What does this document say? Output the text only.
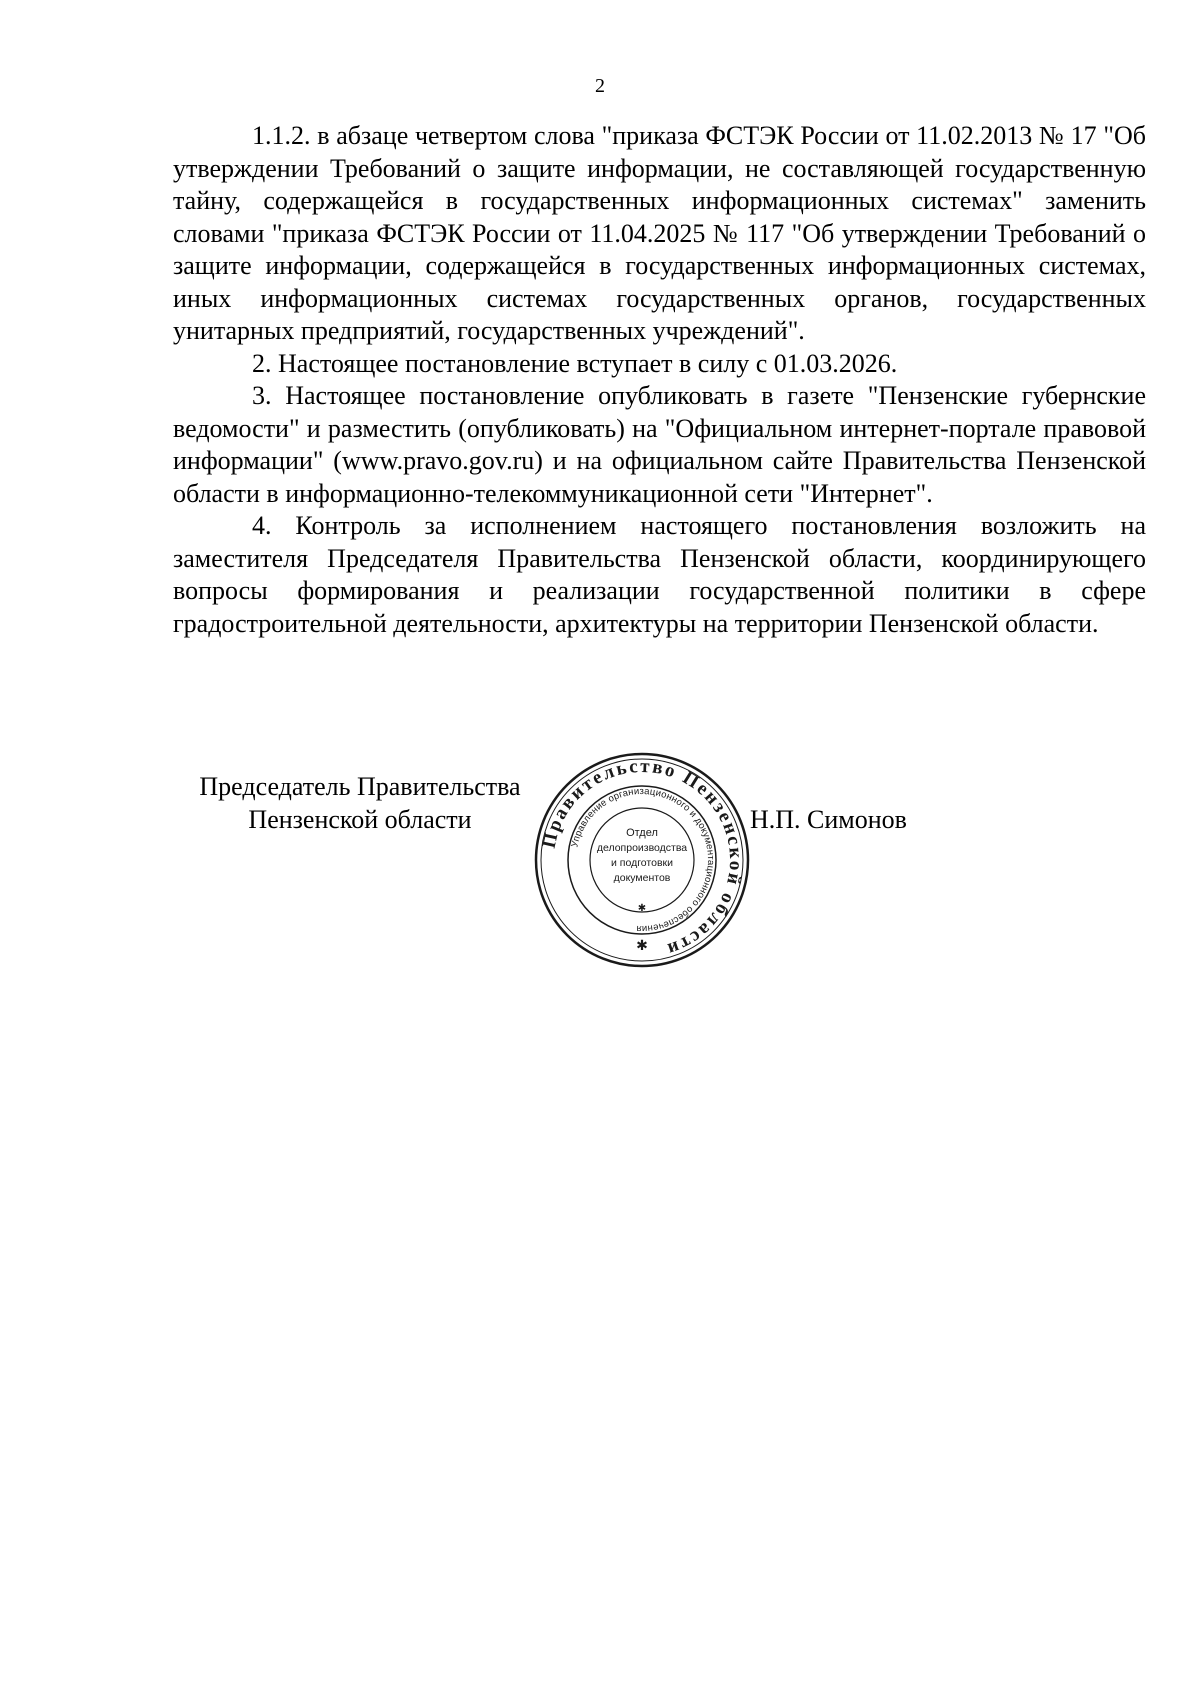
2

1.1.2. в абзаце четвертом слова "приказа ФСТЭК России от 11.02.2013 № 17 "Об утверждении Требований о защите информации, не составляющей государственную тайну, содержащейся в государственных информационных системах" заменить словами "приказа ФСТЭК России от 11.04.2025 № 117 "Об утверждении Требований о защите информации, содержащейся в государственных информационных системах, иных информационных системах государственных органов, государственных унитарных предприятий, государственных учреждений".

2. Настоящее постановление вступает в силу с 01.03.2026.

3. Настоящее постановление опубликовать в газете "Пензенские губернские ведомости" и разместить (опубликовать) на "Официальном интернет-портале правовой информации" (www.pravo.gov.ru) и на официальном сайте Правительства Пензенской области в информационно-телекоммуникационной сети "Интернет".

4. Контроль за исполнением настоящего постановления возложить на заместителя Председателя Правительства Пензенской области, координирующего вопросы формирования и реализации государственной политики в сфере градостроительной деятельности, архитектуры на территории Пензенской области.

Председатель Правительства
Пензенской области	Н.П. Симонов
Правительство Пензенской области
Управление организационного и документационного обеспечения
Отдел
делопроизводства
и подготовки
документов
✱
✱
